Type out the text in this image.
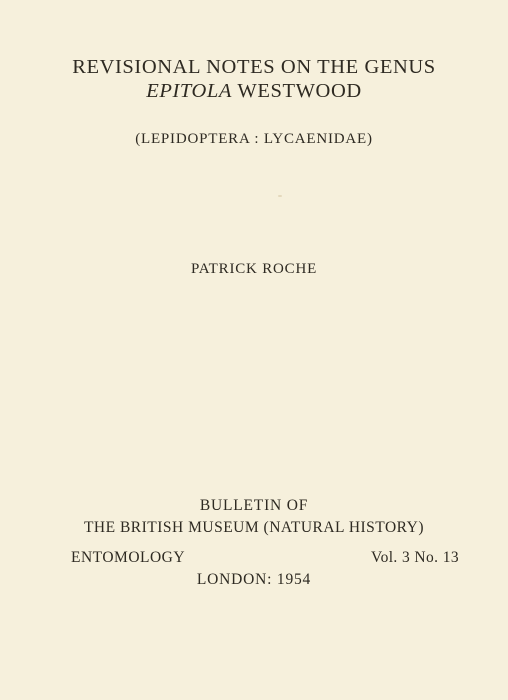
REVISIONAL NOTES ON THE GENUS
EPITOLA WESTWOOD
(LEPIDOPTERA : LYCAENIDAE)
PATRICK ROCHE
BULLETIN OF
THE BRITISH MUSEUM (NATURAL HISTORY)
ENTOMOLOGY	Vol. 3 No. 13
LONDON: 1954
